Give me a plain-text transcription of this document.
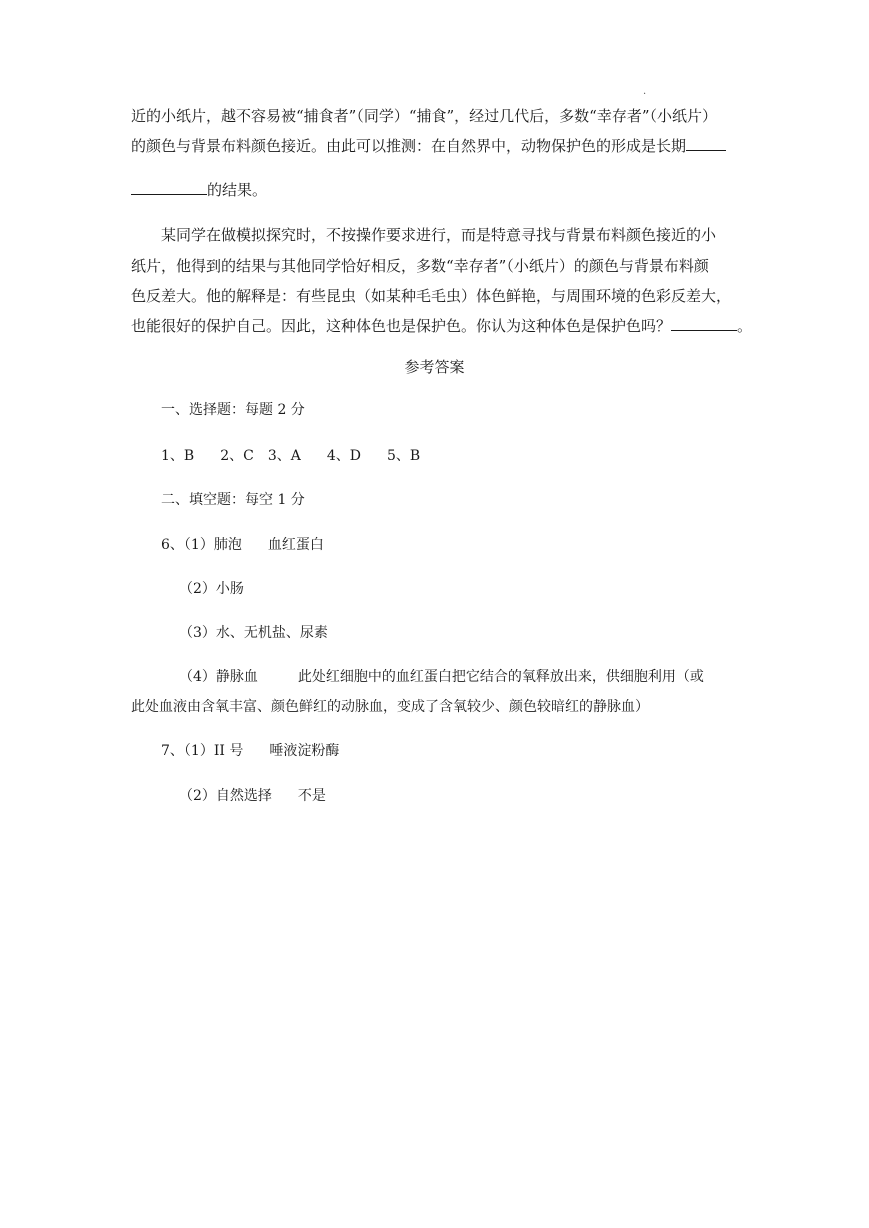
.
近的小纸片，越不容易被“捕食者”（同学）“捕食”，经过几代后，多数“幸存者”（小纸片）
的颜色与背景布料颜色接近。由此可以推测：在自然界中，动物保护色的形成是长期
的结果。
某同学在做模拟探究时，不按操作要求进行，而是特意寻找与背景布料颜色接近的小
纸片，他得到的结果与其他同学恰好相反，多数“幸存者”（小纸片）的颜色与背景布料颜
色反差大。他的解释是：有些昆虫（如某种毛毛虫）体色鲜艳，与周围环境的色彩反差大，
也能很好的保护自己。因此，这种体色也是保护色。你认为这种体色是保护色吗？	。
参考答案
一、选择题：每题 2 分
1、B 2、C 3、A 4、D 5、B
二、填空题：每空 1 分
6、（1）肺泡 血红蛋白
（2）小肠
（3）水、无机盐、尿素
（4）静脉血	此处红细胞中的血红蛋白把它结合的氧释放出来，供细胞利用（或
此处血液由含氧丰富、颜色鲜红的动脉血，变成了含氧较少、颜色较暗红的静脉血）
7、（1）II 号 唾液淀粉酶
（2）自然选择 不是
